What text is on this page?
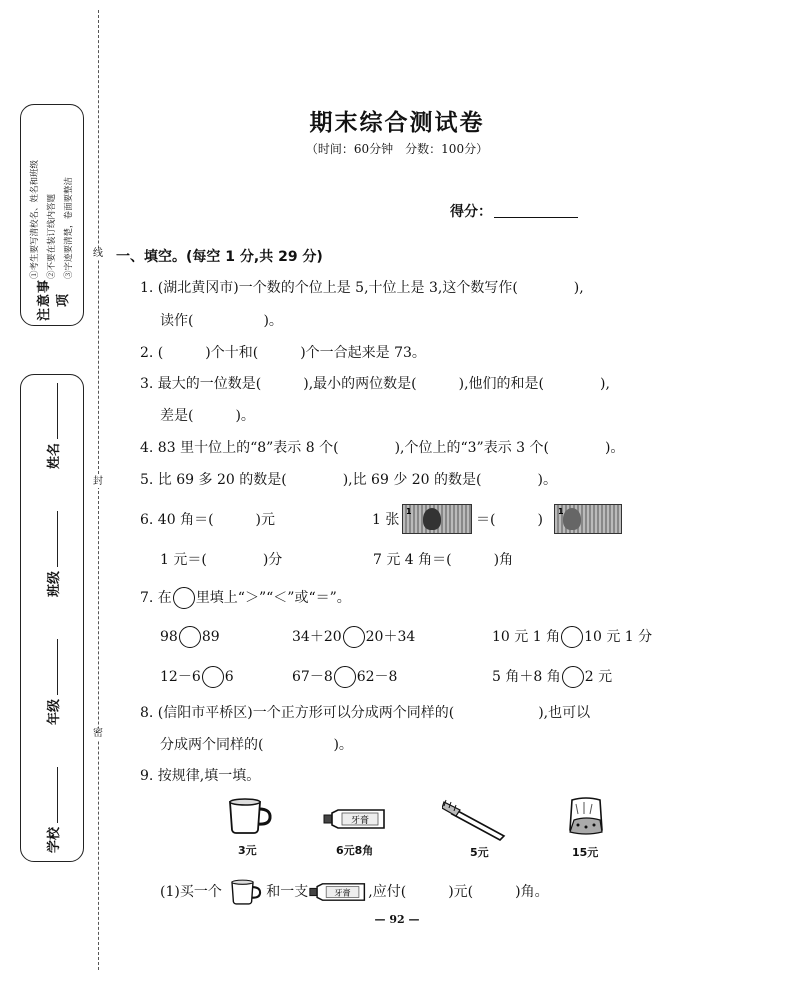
线
封
密
注意事项
①考生要写清校名、姓名和班级 ②不要在装订线内答题 ③字迹要清楚，卷面要整洁
学校
年级
班级
姓名
期末综合测试卷
（时间：60分钟　分数：100分）
得分：
一、填空。(每空 1 分,共 29 分)
1. (湖北黄冈市)一个数的个位上是 5,十位上是 3,这个数写作(　　　　),
读作(　　　　　)。
2. (　　　)个十和(　　　)个一合起来是 73。
3. 最大的一位数是(　　　),最小的两位数是(　　　),他们的和是(　　　　),
差是(　　　)。
4. 83 里十位上的“8”表示 8 个(　　　　),个位上的“3”表示 3 个(　　　　)。
5. 比 69 多 20 的数是(　　　　),比 69 少 20 的数是(　　　　)。
6. 40 角＝(　　　)元	1 张
1
＝(　　　)
1
1 元＝(　　　　)分	7 元 4 角＝(　　　)角
7. 在 里填上“＞”“＜”或“＝”。
98 89	34＋20 20＋34	10 元 1 角 10 元 1 分
12－6 6	67－8 62－8	5 角＋8 角 2 元
8. (信阳市平桥区)一个正方形可以分成两个同样的(　　　　　　),也可以
分成两个同样的(　　　　　)。
9. 按规律,填一填。
3元
牙膏
6元8角	5元	15元
(1)买一个	和一支	牙膏 ,应付(　　　)元(　　　)角。
— 92 —
